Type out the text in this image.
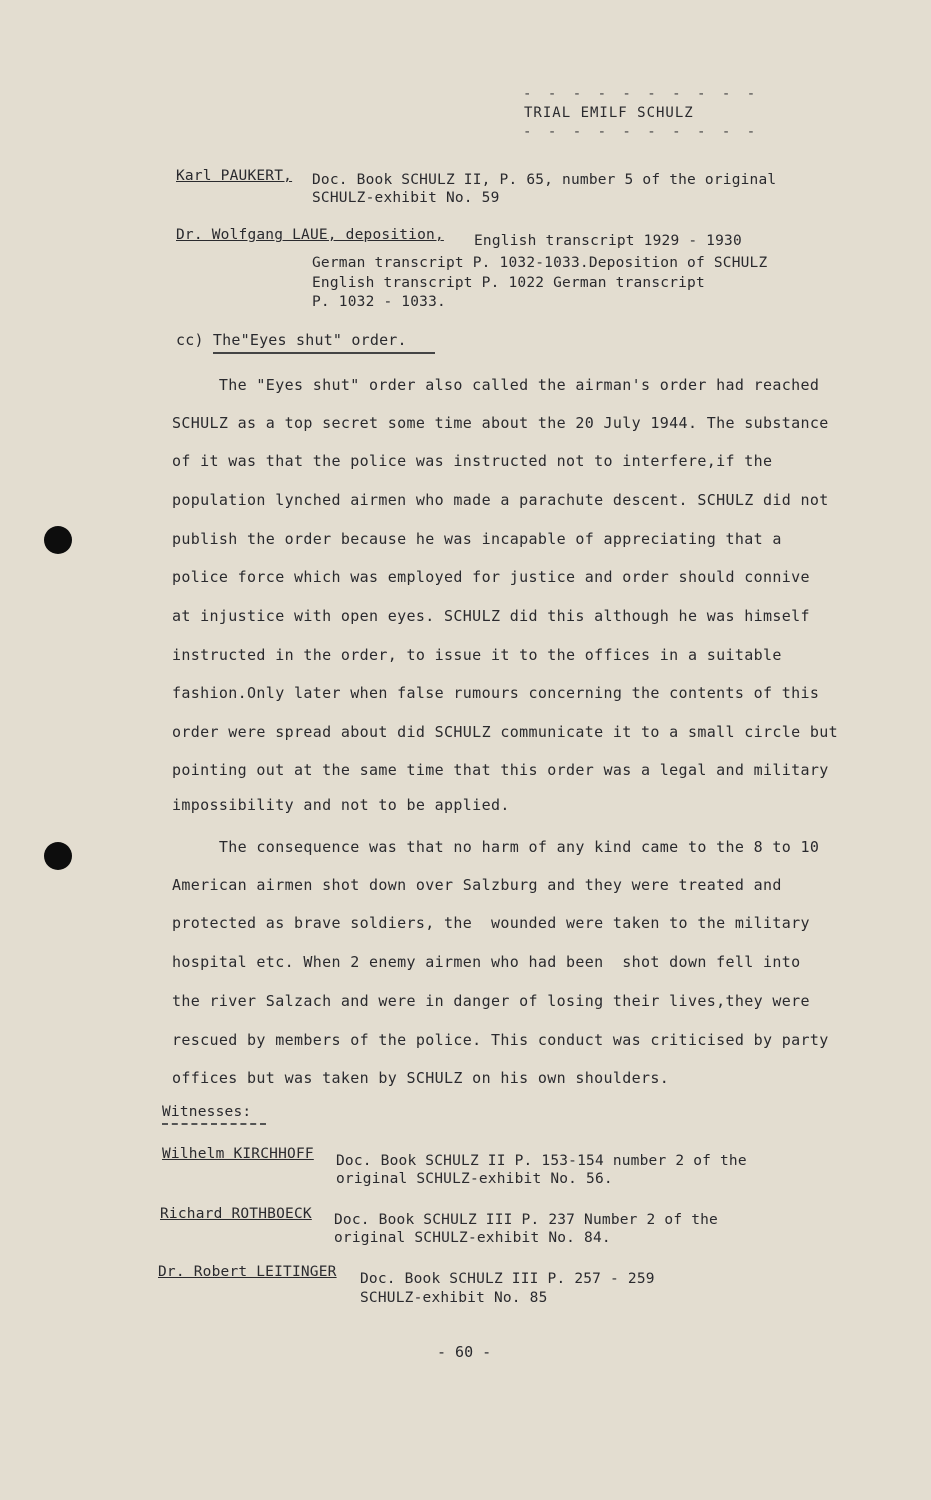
- - - - - - - - - -
TRIAL EMILF SCHULZ
- - - - - - - - - -
Karl PAUKERT, Doc. Book SCHULZ II, P. 65, number 5 of the original
SCHULZ-exhibit No. 59
Dr. Wolfgang LAUE, deposition, English transcript 1929 - 1930
German transcript P. 1032-1033.Deposition of SCHULZ
English transcript P. 1022 German transcript
P. 1032 - 1033.
cc) The"Eyes shut" order.
The "Eyes shut" order also called the airman's order had reached
SCHULZ as a top secret some time about the 20 July 1944. The substance
of it was that the police was instructed not to interfere,if the
population lynched airmen who made a parachute descent. SCHULZ did not
publish the order because he was incapable of appreciating that a
police force which was employed for justice and order should connive
at injustice with open eyes. SCHULZ did this although he was himself
instructed in the order, to issue it to the offices in a suitable
fashion.Only later when false rumours concerning the contents of this
order were spread about did SCHULZ communicate it to a small circle but
pointing out at the same time that this order was a legal and military
impossibility and not to be applied.
The consequence was that no harm of any kind came to the 8 to 10
American airmen shot down over Salzburg and they were treated and
protected as brave soldiers, the  wounded were taken to the military
hospital etc. When 2 enemy airmen who had been  shot down fell into
the river Salzach and were in danger of losing their lives,they were
rescued by members of the police. This conduct was criticised by party
offices but was taken by SCHULZ on his own shoulders.
Witnesses:
Wilhelm KIRCHHOFF Doc. Book SCHULZ II P. 153-154 number 2 of the
original SCHULZ-exhibit No. 56.
Richard ROTHBOECK Doc. Book SCHULZ III P. 237 Number 2 of the
original SCHULZ-exhibit No. 84.
Dr. Robert LEITINGER Doc. Book SCHULZ III P. 257 - 259
SCHULZ-exhibit No. 85
- 60 -
